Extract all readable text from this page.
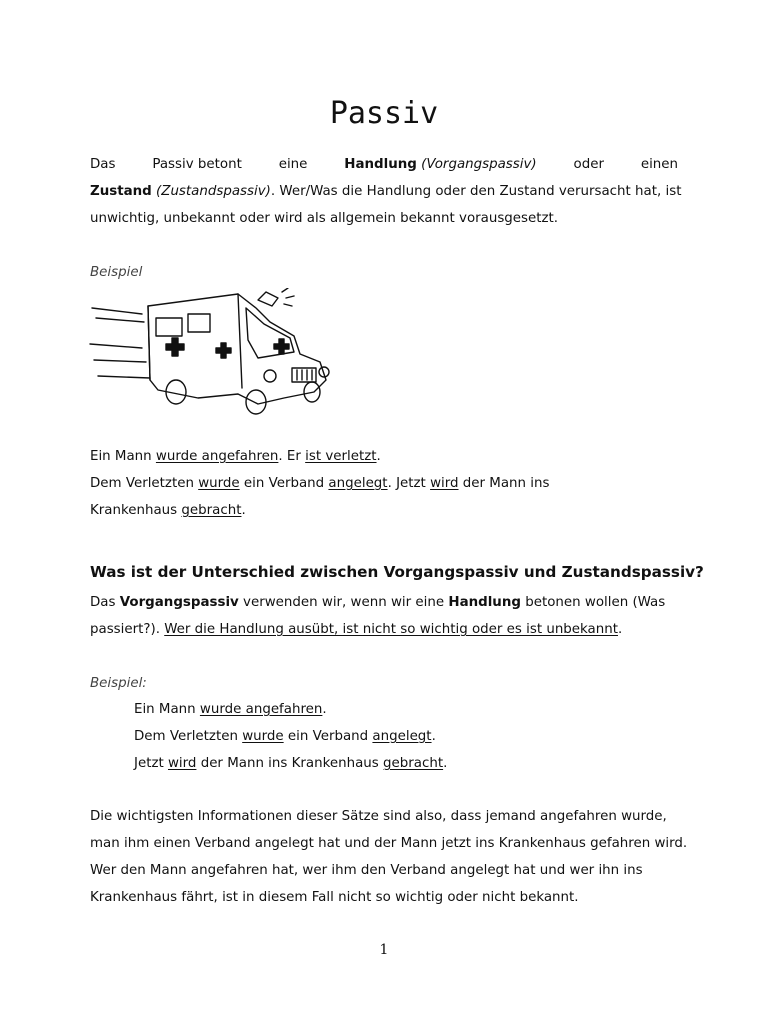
Passiv

Das	Passiv betont	eine	Handlung (Vorgangspassiv)	oder	einen

Zustand (Zustandspassiv). Wer/Was die Handlung oder den Zustand verursacht hat, ist

unwichtig, unbekannt oder wird als allgemein bekannt vorausgesetzt.

Beispiel

Ein Mann wurde angefahren. Er ist verletzt.

Dem Verletzten wurde ein Verband angelegt. Jetzt wird der Mann ins

Krankenhaus gebracht.

Was ist der Unterschied zwischen Vorgangspassiv und Zustandspassiv?

Das Vorgangspassiv verwenden wir, wenn wir eine Handlung betonen wollen (Was

passiert?). Wer die Handlung ausübt, ist nicht so wichtig oder es ist unbekannt.

Beispiel:

Ein Mann wurde angefahren.

Dem Verletzten wurde ein Verband angelegt.

Jetzt wird der Mann ins Krankenhaus gebracht.

Die wichtigsten Informationen dieser Sätze sind also, dass jemand angefahren wurde,

man ihm einen Verband angelegt hat und der Mann jetzt ins Krankenhaus gefahren wird.

Wer den Mann angefahren hat, wer ihm den Verband angelegt hat und wer ihn ins

Krankenhaus fährt, ist in diesem Fall nicht so wichtig oder nicht bekannt.

1
